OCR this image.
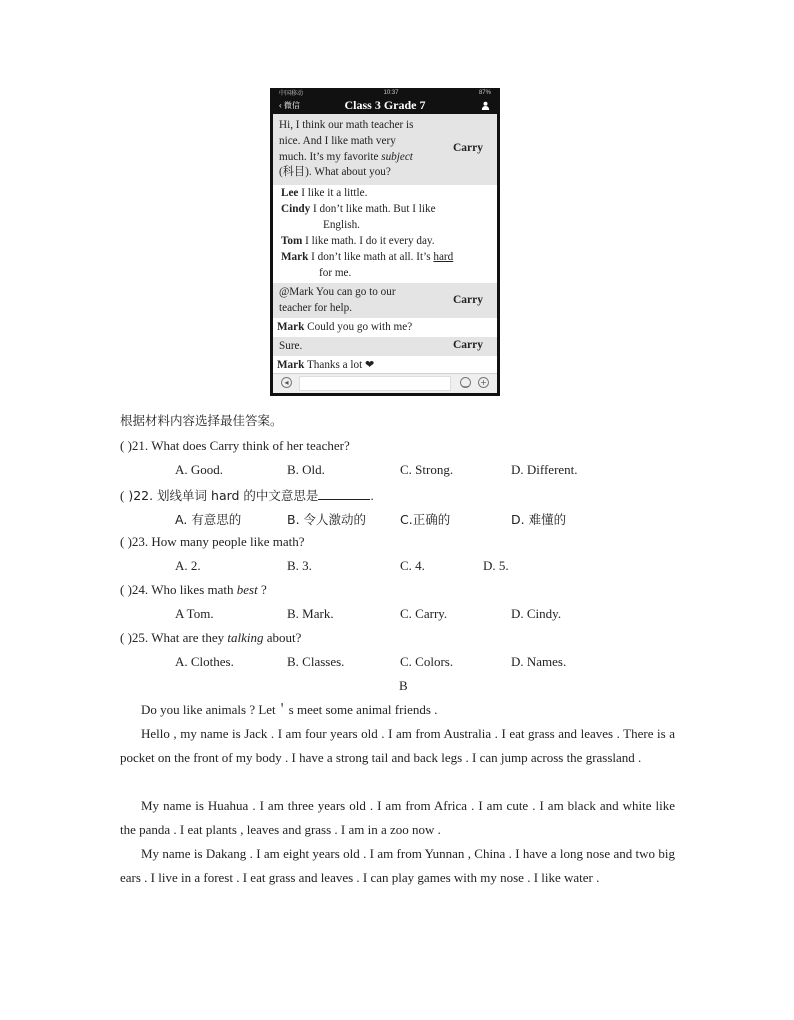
中国移动	10:37	87%
‹ 微信	Class 3 Grade 7
Hi, I think our math teacher is
nice. And I like math very
much. It’s my favorite subject
(科目). What about you?
Carry
Lee I like it a little.
Cindy I don’t like math. But I like
English.
Tom I like math. I do it every day.
Mark I don’t like math at all. It’s hard
for me.
@Mark You can go to our
teacher for help.
Carry
Mark Could you go with me?
Sure.	Carry
Mark Thanks a lot ❤
◂	‿ +
根据材料内容选择最佳答案。
( )21. What does Carry think of her teacher?
A. Good.	B. Old.	C. Strong.	D. Different.
( )22. 划线单词 hard 的中文意思是	.
A. 有意思的	B. 令人激动的	C.正确的	D. 难懂的
( )23. How many people like math?
A. 2.	B. 3.	C. 4.	D. 5.
( )24. Who likes math best ?
A Tom.	B. Mark.	C. Carry.	D. Cindy.
( )25. What are they talking about?
A. Clothes.	B. Classes.	C. Colors.	D. Names.
B
Do you like animals ? Let＇s meet some animal friends .
Hello , my name is Jack . I am four years old . I am from Australia . I eat grass and leaves . There is a pocket on the front of my body . I have a strong tail and back legs . I can jump across the grassland .
My name is Huahua . I am three years old . I am from Africa . I am cute . I am black and white like the panda . I eat plants , leaves and grass . I am in a zoo now .
My name is Dakang . I am eight years old . I am from Yunnan , China . I have a long nose and two big ears . I live in a forest . I eat grass and leaves . I can play games with my nose . I like water .
